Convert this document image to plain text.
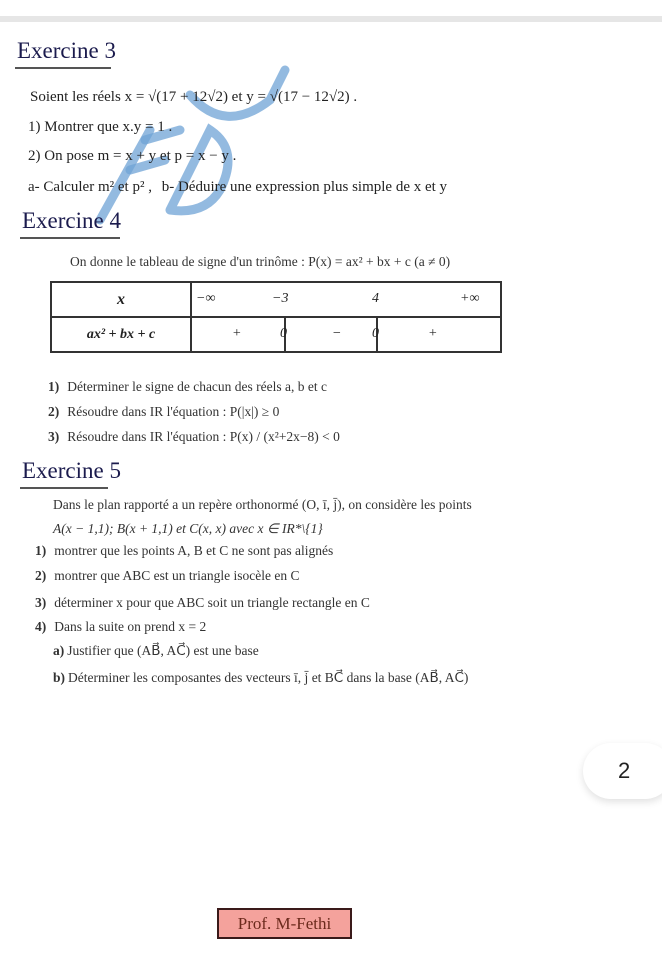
Exercine 3
Soient les réels x = √(17 + 12√2) et y = √(17 − 12√2) .
1) Montrer que x.y = 1 .
2) On pose m = x + y et p = x − y .
a- Calculer m² et p² , b- Déduire une expression plus simple de x et y
Exercine 4
On donne le tableau de signe d'un trinôme : P(x) = ax² + bx + c (a ≠ 0)
x	−∞ −3 4 +∞

ax² + bx + c	+ 0 − 0 +
1) Déterminer le signe de chacun des réels a, b et c
2) Résoudre dans IR l'équation : P(|x|) ≥ 0
3) Résoudre dans IR l'équation : P(x) / (x²+2x−8) < 0
Exercine 5
Dans le plan rapporté a un repère orthonormé (O, ī, j̄), on considère les points
A(x − 1,1); B(x + 1,1) et C(x, x) avec x ∈ IR*\{1}
1) montrer que les points A, B et C ne sont pas alignés
2) montrer que ABC est un triangle isocèle en C
3) déterminer x pour que ABC soit un triangle rectangle en C
4) Dans la suite on prend x = 2
a) Justifier que (AB⃗, AC⃗) est une base
b) Déterminer les composantes des vecteurs ī, j̄ et BC⃗ dans la base (AB⃗, AC⃗)
2
Prof. M-Fethi
